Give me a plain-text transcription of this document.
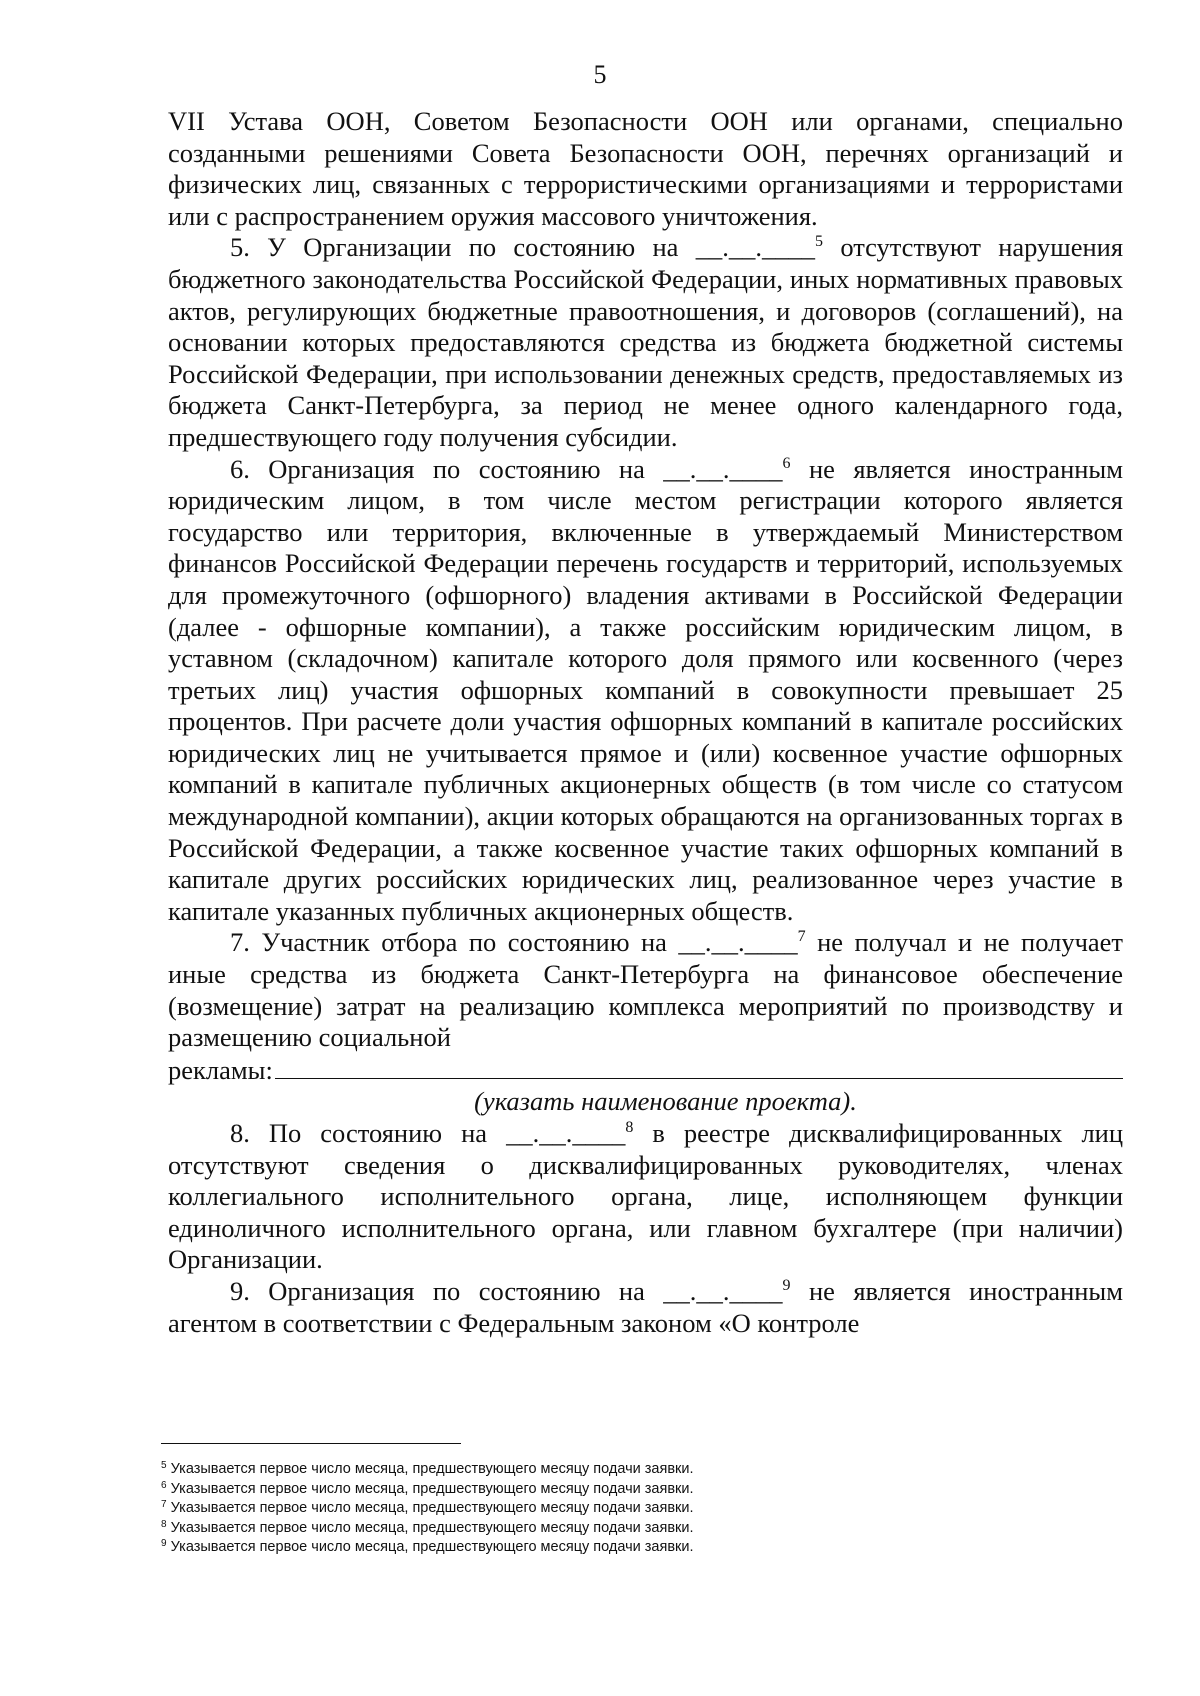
5

VII Устава ООН, Советом Безопасности ООН или органами, специально созданными решениями Совета Безопасности ООН, перечнях организаций и физических лиц, связанных с террористическими организациями и террористами или с распространением оружия массового уничтожения.

5. У Организации по состоянию на __.__.____$^5$ отсутствуют нарушения бюджетного законодательства Российской Федерации, иных нормативных правовых актов, регулирующих бюджетные правоотношения, и договоров (соглашений), на основании которых предоставляются средства из бюджета бюджетной системы Российской Федерации, при использовании денежных средств, предоставляемых из бюджета Санкт-Петербурга, за период не менее одного календарного года, предшествующего году получения субсидии.

6. Организация по состоянию на __.__.____$^6$ не является иностранным юридическим лицом, в том числе местом регистрации которого является государство или территория, включенные в утверждаемый Министерством финансов Российской Федерации перечень государств и территорий, используемых для промежуточного (офшорного) владения активами в Российской Федерации (далее - офшорные компании), а также российским юридическим лицом, в уставном (складочном) капитале которого доля прямого или косвенного (через третьих лиц) участия офшорных компаний в совокупности превышает 25 процентов. При расчете доли участия офшорных компаний в капитале российских юридических лиц не учитывается прямое и (или) косвенное участие офшорных компаний в капитале публичных акционерных обществ (в том числе со статусом международной компании), акции которых обращаются на организованных торгах в Российской Федерации, а также косвенное участие таких офшорных компаний в капитале других российских юридических лиц, реализованное через участие в капитале указанных публичных акционерных обществ.

7. Участник отбора по состоянию на __.__.____$^7$ не получал и не получает иные средства из бюджета Санкт-Петербурга на финансовое обеспечение (возмещение) затрат на реализацию комплекса мероприятий по производству и размещению социальной

рекламы:

(указать наименование проекта).

8. По состоянию на __.__.____$^8$ в реестре дисквалифицированных лиц отсутствуют сведения о дисквалифицированных руководителях, членах коллегиального исполнительного органа, лице, исполняющем функции единоличного исполнительного органа, или главном бухгалтере (при наличии) Организации.

9. Организация по состоянию на __.__.____$^9$ не является иностранным агентом в соответствии с Федеральным законом «О контроле

$^5$ Указывается первое число месяца, предшествующего месяцу подачи заявки.
$^6$ Указывается первое число месяца, предшествующего месяцу подачи заявки.
$^7$ Указывается первое число месяца, предшествующего месяцу подачи заявки.
$^8$ Указывается первое число месяца, предшествующего месяцу подачи заявки.
$^9$ Указывается первое число месяца, предшествующего месяцу подачи заявки.
